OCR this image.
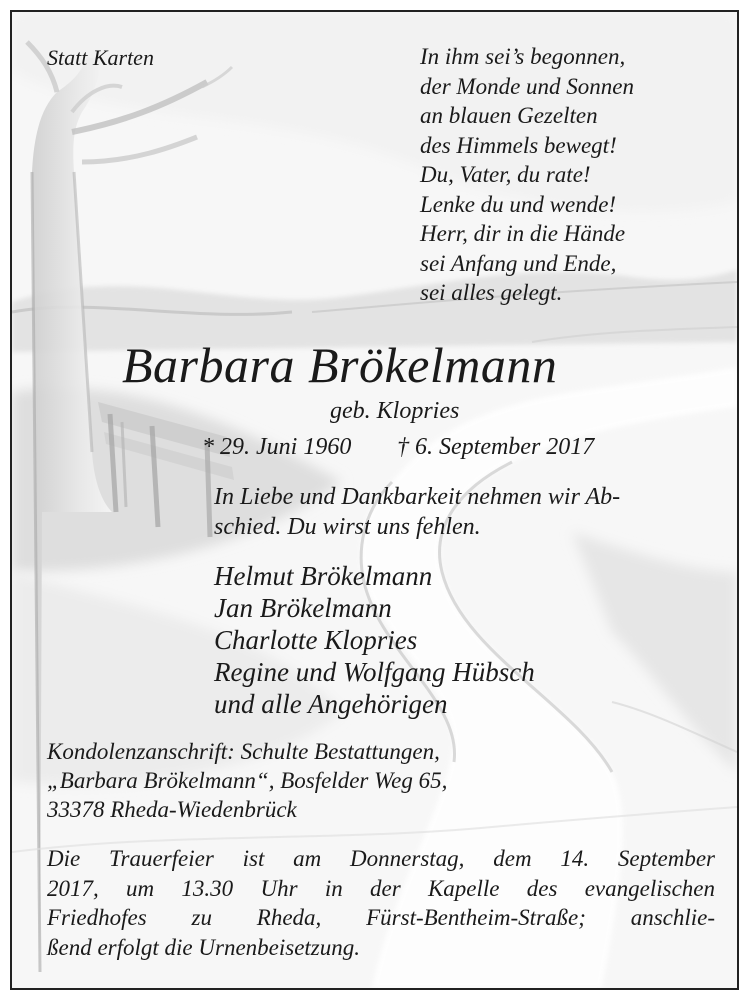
Statt Karten	In ihm sei’s begonnen,
der Monde und Sonnen
an blauen Gezelten
des Himmels bewegt!
Du, Vater, du rate!
Lenke du und wende!
Herr, dir in die Hände
sei Anfang und Ende,
sei alles gelegt.
Barbara Brökelmann
geb. Klopries
* 29. Juni 1960 † 6. September 2017
In Liebe und Dankbarkeit nehmen wir Ab-
schied. Du wirst uns fehlen.
Helmut Brökelmann
Jan Brökelmann
Charlotte Klopries
Regine und Wolfgang Hübsch
und alle Angehörigen
Kondolenzanschrift: Schulte Bestattungen,
„Barbara Brökelmann“, Bosfelder Weg 65,
33378 Rheda-Wiedenbrück
Die Trauerfeier ist am Donnerstag, dem 14. September
2017, um 13.30 Uhr in der Kapelle des evangelischen
Friedhofes zu Rheda, Fürst-Bentheim-Straße; anschlie-
ßend erfolgt die Urnenbeisetzung.
